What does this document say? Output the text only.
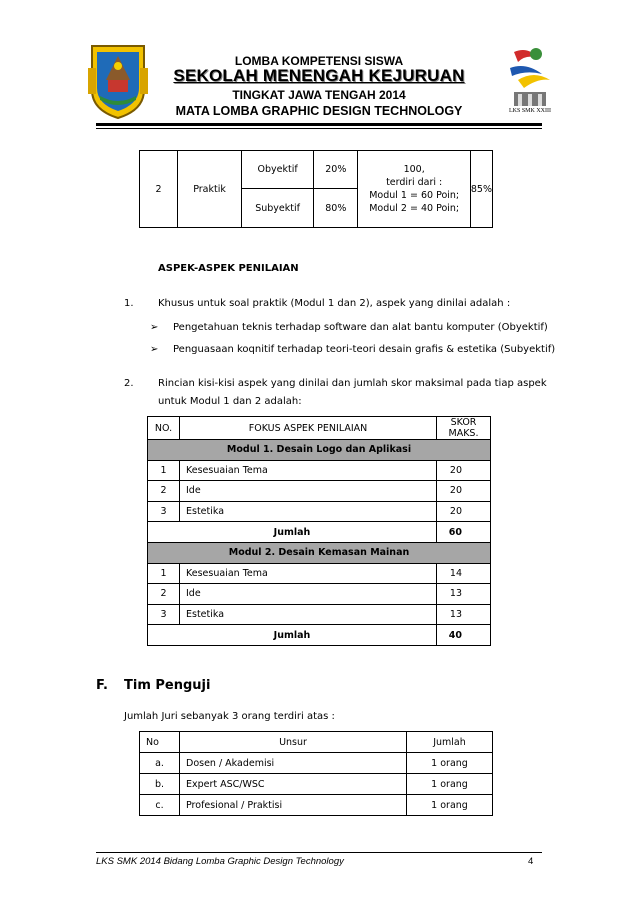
LKS SMK XXIII
LOMBA KOMPETENSI SISWA
SEKOLAH MENENGAH KEJURUAN
TINGKAT JAWA TENGAH 2014
MATA LOMBA GRAPHIC DESIGN TECHNOLOGY
2	Praktik	Obyektif	20%	100,
terdiri dari :
Modul 1 = 60 Poin;
Modul 2 = 40 Poin;	85%
		Subyektif	80%		
ASPEK-ASPEK PENILAIAN
1. Khusus untuk soal praktik (Modul 1 dan 2), aspek yang dinilai adalah :
➢ Pengetahuan teknis terhadap software dan alat bantu komputer (Obyektif)
➢ Penguasaan koqnitif terhadap teori-teori desain grafis & estetika (Subyektif)
2. Rincian kisi-kisi aspek yang dinilai dan jumlah skor maksimal pada tiap aspek
untuk Modul 1 dan 2 adalah:
NO.	FOKUS ASPEK PENILAIAN	SKOR MAKS.
Modul 1. Desain Logo dan Aplikasi		
1	Kesesuaian Tema	20
2	Ide	20
3	Estetika	20
Jumlah		60
Modul 2. Desain Kemasan Mainan		
1	Kesesuaian Tema	14
2	Ide	13
3	Estetika	13
Jumlah		40
F. Tim Penguji
Jumlah Juri sebanyak 3 orang terdiri atas :
No	Unsur	Jumlah
a.	Dosen / Akademisi	1 orang
b.	Expert ASC/WSC	1 orang
c.	Profesional / Praktisi	1 orang
LKS SMK 2014 Bidang Lomba Graphic Design Technology	4
